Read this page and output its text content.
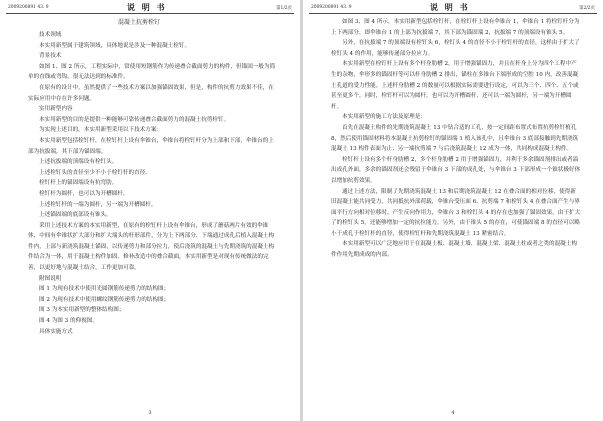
2009200891 43. 9	说 明 书	第1/2页
混凝土抗剪栓钉

技术领域

本实用新型属于建筑领域，具体地说是涉及一种混凝土栓钉。

背景技术

如图 1、图 2 所示，工程实际中，常使用短钢筋作为传递叠合截面剪力的构件，但锚固一般为简单的直线或弯钩，很无法达到的标准件。

在原有的设计中，虽然提供了一些技术方案以加强锚固效果，但是，构件的抗剪力效果不佳，在实际应用中存在许多问题。

实用新型内容

本实用新型的目的是提供一种能够可靠传递叠合截面剪力的混凝土抗剪栓钉。

为实现上述目的，本实用新型采用以下技术方案：

本实用新型包括栓钉杆，在栓钉杆上设有伞锥台，伞锥台将栓钉杆分为上部和下部，伞锥台的上部为抗拔端，其下部为锚固端。

上述抗拔端的顶端设有栓钉头。

上述栓钉头的直径至少不小于栓钉杆的直径。

栓钉杆上的锚固端设有抗弯肋。

栓钉杆为圆杆，也可以为开槽圆杆。

上述栓钉杆的一端为圆杆，另一端为开槽圆杆。

上述锚固端的底部设有锥头。

采用上述技术方案的本实用新型，在原有的栓钉杆上设有伞锥台，形成了蘑菇两片有效的伞锥体，中间有伞锥状扩大部分和扩大端头的杆形部件，分为上下两部分，下端通过成孔后植入混凝土构件内，上部与新浇筑混凝土锚固，以传递剪力和部分拉力，使后浇筑的混凝土与先期浇筑的混凝土构件结合为一体，用于混凝土构件加固、修补改造中的叠合截面，本实用新型是对现有传统做法的完善，以更好地与混凝土结合，工作更加可靠。

附图说明

图 1 为现有技术中使用光圆钢筋传递剪力的结构图；

图 2 为现有技术中使用螺纹钢筋传递剪力的结构图；

图 3 为本实用新型的整体结构图；

图 4 为图 3 的仰视图。

具体实施方式

3
2009200891 43. 9	说 明 书	第2/2页

如图 3、图 4 所示，本实用新型包括栓钉杆，在栓钉杆上设有伞锥台 1，伞锥台 1 将栓钉杆分为上下两部分，即伞锥台 1 的上部为抗拔端 7，其下部为锚固端 2，抗拔端 7 的顶端设有锥头 5。

另外，在抗拔端 7 的顶端设有栓钉头 6，栓钉头 4 的直径不小于栓钉杆的直径，这样由于扩大了栓钉头 4 的作用，能够传递部分拉应力。

本实用新型在栓钉杆上设有多个杆身肋槽 2，用于增强锚固力，并且在杆身上分为四个工程中产生的杂物，伞形多的锚固杆等可以杆身肋槽 2 排出，锚柱在多锥台下端形成的空腔 10 内，改善混凝土孔道的受力性能。上述杆身肋槽 2 的数量可以根据实际需要进行设定，可以为三个、四个、五个或甚至更多个，同时，栓钉杆可以为圆杆，也可以为开槽圆杆，还可以一端为圆杆，另一端为开槽圆杆。

本实用新型的施工方法及原理是：

首先在混凝土构件的先期浇筑混凝土 13 中钻合适的工孔，按一定间距布置式布置抗剪栓钉植孔 8，然后使用锚固材料将本混凝土抗剪栓钉的锚固端 1 植入该孔中，且伞锥台 3 底部接触到先期浇筑混凝土 13 构件表面为止；另一端抗剪端 7 与后浇筑混凝土 12 成为一体，共同构成混凝土构件。

栓钉杆上设有多个杆身肋槽 2，多个杆身肋槽 2 用于增强锚固力，并利于多余锚固剂排出或者溢出成孔外面，多余的锚固剂还会残留于伞锥台 3 下部的成孔处，与伞锥台 3 下部形成一个锥状极好体以增加抗剪效果。

通过上述方法，限制了先期浇筑混凝土 13 和后期浇筑混凝土 12 在叠合面的相对位移，使得新旧混凝土能共同受力，共同抵抗外部荷载，伞锥台受压面 6、抗剪端 7 和栓钉头 4 在叠合面产生与界面平行方向相对位移时，产生反向作用力，伞锥台 3 和栓钉头 4 的存在也加强了锚固效果。由于扩大了的栓钉头 5，还能够增加一定的抗拉能力。另外，由于锥头 5 的存在，可使锚固端 8 的直径可以略小于成孔于栓钉杆的直径，使得栓钉杆和先期浇筑混凝土 13 紧密结合。

本实用新型可以广泛地应用于在混凝土板、混凝土墙、混凝土梁、混凝土柱或者之类的混凝土构件作用先期成成的内部。

4
